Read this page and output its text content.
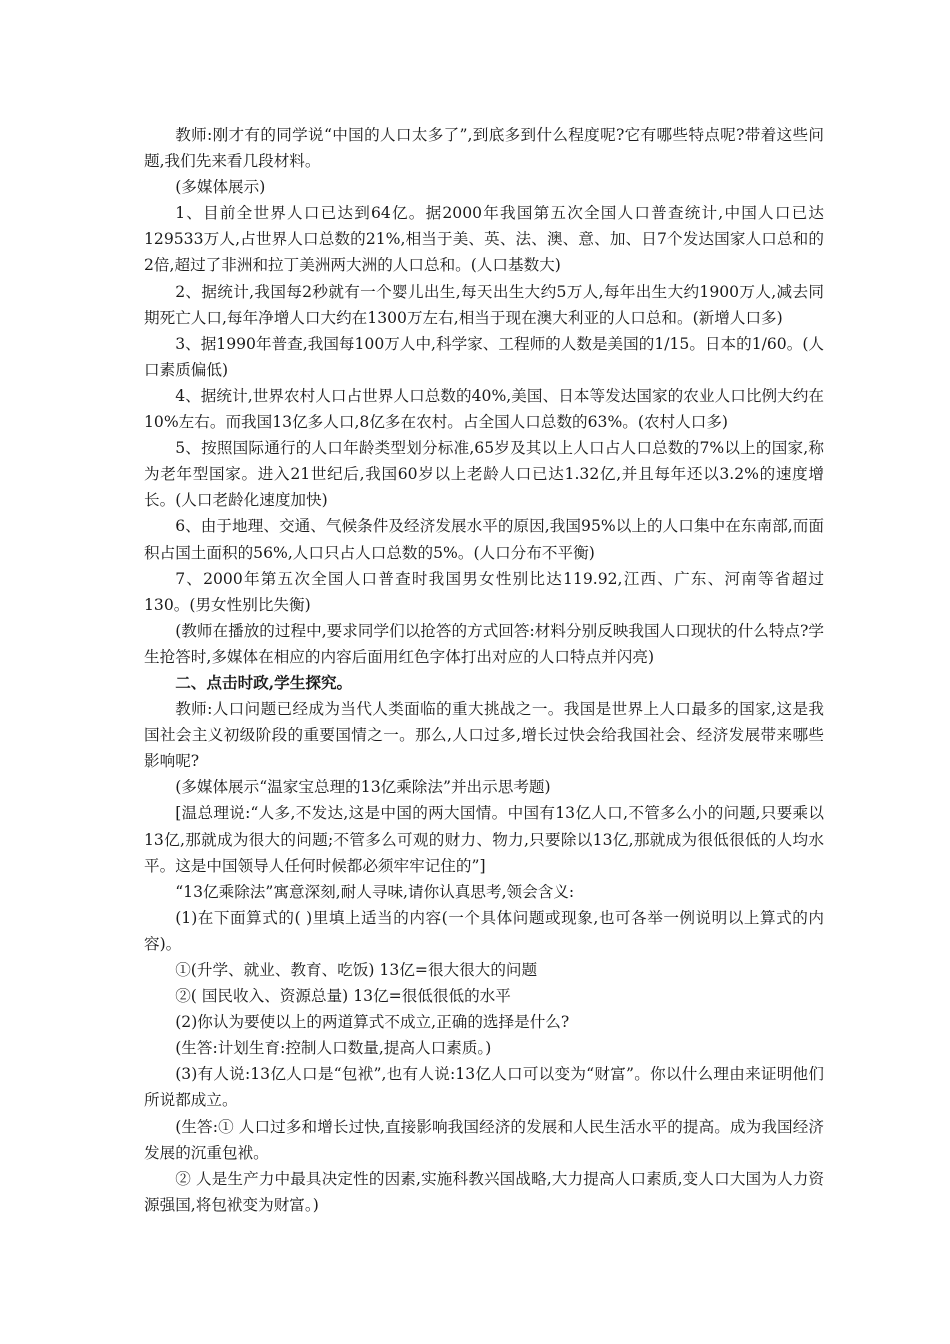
教师:刚才有的同学说“中国的人口太多了”,到底多到什么程度呢?它有哪些特点呢?带着这些问题,我们先来看几段材料。

(多媒体展示)

1、目前全世界人口已达到64亿。据2000年我国第五次全国人口普查统计,中国人口已达129533万人,占世界人口总数的21%,相当于美、英、法、澳、意、加、日7个发达国家人口总和的2倍,超过了非洲和拉丁美洲两大洲的人口总和。(人口基数大)

2、据统计,我国每2秒就有一个婴儿出生,每天出生大约5万人,每年出生大约1900万人,减去同期死亡人口,每年净增人口大约在1300万左右,相当于现在澳大利亚的人口总和。(新增人口多)

3、据1990年普查,我国每100万人中,科学家、工程师的人数是美国的1/15。日本的1/60。(人口素质偏低)

4、据统计,世界农村人口占世界人口总数的40%,美国、日本等发达国家的农业人口比例大约在10%左右。而我国13亿多人口,8亿多在农村。占全国人口总数的63%。(农村人口多)

5、按照国际通行的人口年龄类型划分标准,65岁及其以上人口占人口总数的7%以上的国家,称为老年型国家。进入21世纪后,我国60岁以上老龄人口已达1.32亿,并且每年还以3.2%的速度增长。(人口老龄化速度加快)

6、由于地理、交通、气候条件及经济发展水平的原因,我国95%以上的人口集中在东南部,而面积占国土面积的56%,人口只占人口总数的5%。(人口分布不平衡)

7、2000年第五次全国人口普查时我国男女性别比达119.92,江西、广东、河南等省超过130。(男女性别比失衡)

(教师在播放的过程中,要求同学们以抢答的方式回答:材料分别反映我国人口现状的什么特点?学生抢答时,多媒体在相应的内容后面用红色字体打出对应的人口特点并闪亮)

二、点击时政,学生探究。

教师:人口问题已经成为当代人类面临的重大挑战之一。我国是世界上人口最多的国家,这是我国社会主义初级阶段的重要国情之一。那么,人口过多,增长过快会给我国社会、经济发展带来哪些影响呢?

(多媒体展示“温家宝总理的13亿乘除法”并出示思考题)

[温总理说:“人多,不发达,这是中国的两大国情。中国有13亿人口,不管多么小的问题,只要乘以13亿,那就成为很大的问题;不管多么可观的财力、物力,只要除以13亿,那就成为很低很低的人均水平。这是中国领导人任何时候都必须牢牢记住的”]

“13亿乘除法”寓意深刻,耐人寻味,请你认真思考,领会含义:

(1)在下面算式的( )里填上适当的内容(一个具体问题或现象,也可各举一例说明以上算式的内容)。

①(升学、就业、教育、吃饭) 13亿=很大很大的问题

②( 国民收入、资源总量) 13亿=很低很低的水平

(2)你认为要使以上的两道算式不成立,正确的选择是什么?

(生答:计划生育:控制人口数量,提高人口素质。)

(3)有人说:13亿人口是“包袱”,也有人说:13亿人口可以变为“财富”。你以什么理由来证明他们所说都成立。

(生答:① 人口过多和增长过快,直接影响我国经济的发展和人民生活水平的提高。成为我国经济发展的沉重包袱。

② 人是生产力中最具决定性的因素,实施科教兴国战略,大力提高人口素质,变人口大国为人力资源强国,将包袱变为财富。)
